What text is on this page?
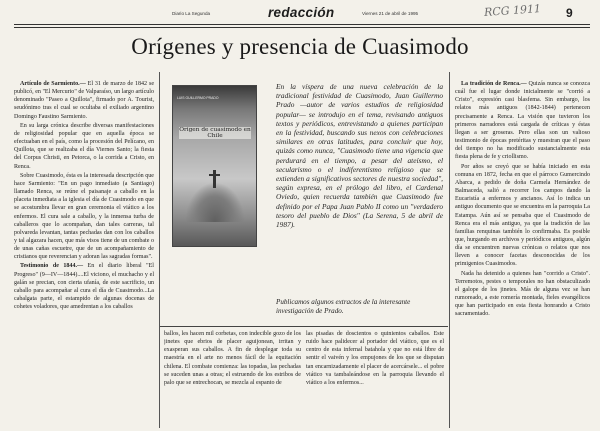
Diario La Segunda	redacción	Viernes 21 de abril de 1995	RCG 1911 9
Orígenes y presencia de Cuasimodo

Artículo de Sarmiento.— El 31 de marzo de 1842 se publicó, en "El Mercurio" de Valparaíso, un largo artículo denominado "Paseo a Quillota", firmado por A. Tourist, seudónimo tras el cual se ocultaba el exiliado argentino Domingo Faustino Sarmiento.

En su larga crónica describe diversas manifestaciones de religiosidad popular que en aquella época se efectuaban en el país, como la procesión del Pelícano, en Quillota, que se realizaba el día Viernes Santo; la fiesta del Corpus Christi, en Petorca, o la corrida a Cristo, en Renca.

Sobre Cuasimodo, ésta es la interesada descripción que hace Sarmiento: "En un pago inmediato (a Santiago) llamado Renca, se reúne el paisanaje a caballo en la placeta inmediata a la iglesia el día de Cuasimodo en que se acostumbra llevar en gran ceremonia el viático a los enfermos. El cura sale a caballo, y la inmensa turba de caballeros que lo acompañan, dan tales carreras, tal polvareda levantan, tantas pechadas dan con los caballos y tal algazara hacen, que más visos tiene de un combate o de unas cañas escuetre, que de un acompañamiento de cristianos que reverencian y adoran las sagradas formas".

Testimonio de 1844.— En el diario liberal "El Progreso" (9—IV—1844)....El viciono, el muchacho y el galán se precian, con cierta ufanía, de este sacrificio, un caballo para acompañar al cura el día de Cuasimodo...La cabalgata parte, el estampido de algunas docenas de cohetes voladores, que amedrentan a los caballos

LUIS GUILLERMO PRADO
Origen de cuasimodo en Chile
En la víspera de una nueva celebración de la tradicional festividad de Cuasimodo, Juan Guillermo Prado —autor de varios estudios de religiosidad popular— se introdujo en el tema, revisando antiguos textos y periódicos, entrevistando a quienes participan en la festividad, buscando sus nexos con celebraciones similares en otras latitudes, para concluir que hoy, quizás como nunca, "Cuasimodo tiene una vigencia que perdurará en el tiempo, a pesar del ateísmo, el secularismo o el indiferentismo religioso que se extienden a significativos sectores de nuestra sociedad", según expresa, en el prólogo del libro, el Cardenal Oviedo, quien recuerda también que Cuasimodo fue definido por el Papa Juan Pablo II como un "verdadero tesoro del pueblo de Dios" (La Serena, 5 de abril de 1987).
Publicamos algunos extractos de la interesante investigación de Prado.

ballos, les hacen mil corbetas, con indecible gozo de los jinetes que ebrios de placer aguijonean, irritan y exasperan sus caballos. A fin de desplegar toda su maestría en el arte no menos fácil de la equitación chilena. El combate comienza: las topadas, las pechadas se suceden unas a otras; el estruendo de los estribos de palo que se entrechocan, se mezcla al espanto de

las pisadas de doscientos o quinientos caballos. Este ruido hace palidecer al portador del viático, que es el centro de esta infernal batahola y que no está libre de sentir el vaivén y los empujones de los que se disputan tan encarnizadamente el placer de acercársele... el pobre viático va tambaleándose en la parroquia llevando el viático a los enfermos...

La tradición de Renca.— Quizás nunca se conozca cuál fue el lugar donde inicialmente se "corrió a Cristo", expresión casi blasfema. Sin embargo, los relatos más antiguos (1842-1844) pertenecen precisamente a Renca. La visión que tuvieron los primeros narradores está cargada de críticas y éstas llegan a ser groseras. Pero ellas son un valioso testimonio de épocas pretéritas y muestran que el paso del tiempo no ha modificado sustancialmente esta fiesta plena de fe y criollismo.

Por años se creyó que se había iniciado en esta comuna en 1872, fecha en que el párroco Gumercindo Abarca, a pedido de doña Carmela Hernández de Balmaceda, salió a recorrer los campos dando la Eucaristía a enfermos y ancianos. Así lo indica un antiguo documento que se encuentra en la parroquia La Estampa. Aún así se pensaba que el Cuasimodo de Renca era el más antiguo, ya que la tradición de las familias renquinas también lo confirmaba. Es posible que, hurgando en archivos y periódicos antiguos, algún día se encuentren nuevas crónicas o relatos que nos lleven a conocer facetas desconocidas de los primigenios Cuasimodos.

Nada ha detenido a quienes han "corrido a Cristo". Terremotos, pestes o temporales no han obstaculizado el galope de los jinetes. Más de alguna vez se han rumoreado, a este romería montada, fieles evangélicos que han participado en esta fiesta honrando a Cristo sacramentado.
